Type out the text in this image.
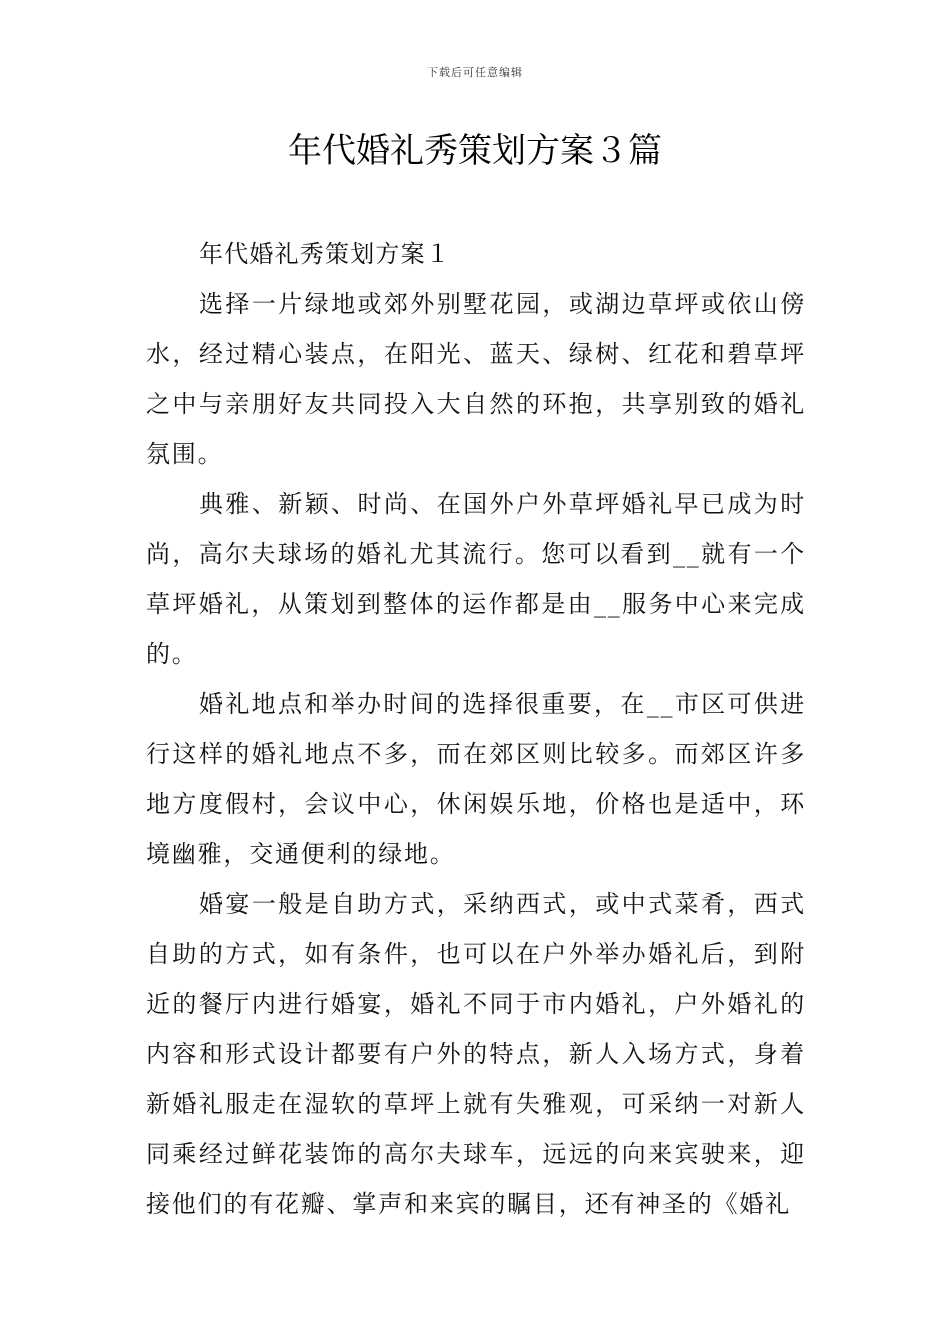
下载后可任意编辑
年代婚礼秀策划方案３篇

年代婚礼秀策划方案１

选择一片绿地或郊外别墅花园，或湖边草坪或依山傍水，经过精心装点，在阳光、蓝天、绿树、红花和碧草坪之中与亲朋好友共同投入大自然的环抱，共享别致的婚礼氛围。

典雅、新颖、时尚、在国外户外草坪婚礼早已成为时尚，高尔夫球场的婚礼尤其流行。您可以看到__就有一个草坪婚礼，从策划到整体的运作都是由__服务中心来完成的。

婚礼地点和举办时间的选择很重要，在__市区可供进行这样的婚礼地点不多，而在郊区则比较多。而郊区许多地方度假村，会议中心，休闲娱乐地，价格也是适中，环境幽雅，交通便利的绿地。

婚宴一般是自助方式，采纳西式，或中式菜肴，西式自助的方式，如有条件，也可以在户外举办婚礼后，到附近的餐厅内进行婚宴，婚礼不同于市内婚礼，户外婚礼的内容和形式设计都要有户外的特点，新人入场方式，身着新婚礼服走在湿软的草坪上就有失雅观，可采纳一对新人同乘经过鲜花装饰的高尔夫球车，远远的向来宾驶来，迎接他们的有花瓣、掌声和来宾的瞩目，还有神圣的《婚礼
